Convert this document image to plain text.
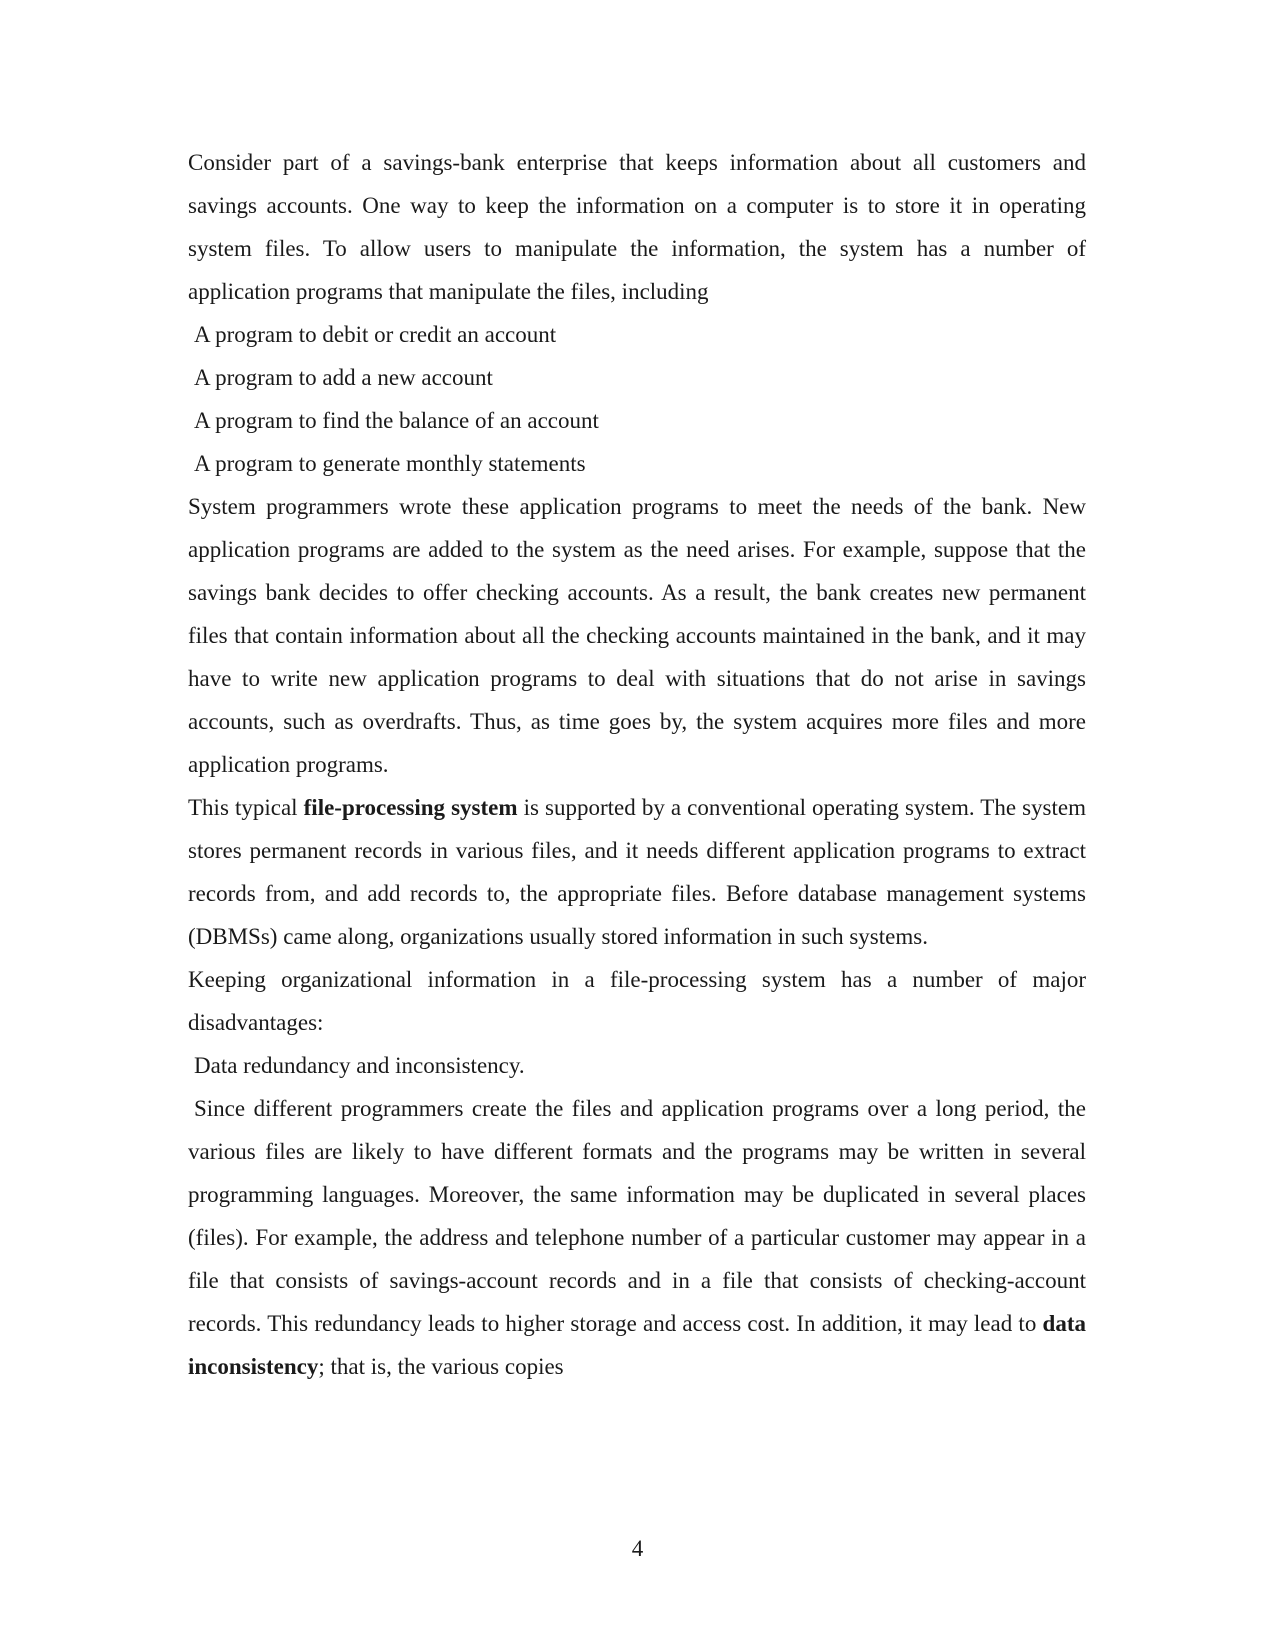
Consider part of a savings-bank enterprise that keeps information about all customers and savings accounts. One way to keep the information on a computer is to store it in operating system files. To allow users to manipulate the information, the system has a number of application programs that manipulate the files, including

A program to debit or credit an account

A program to add a new account

A program to find the balance of an account

A program to generate monthly statements

System programmers wrote these application programs to meet the needs of the bank. New application programs are added to the system as the need arises. For example, suppose that the savings bank decides to offer checking accounts. As a result, the bank creates new permanent files that contain information about all the checking accounts maintained in the bank, and it may have to write new application programs to deal with situations that do not arise in savings accounts, such as overdrafts. Thus, as time goes by, the system acquires more files and more application programs.

This typical file-processing system is supported by a conventional operating system. The system stores permanent records in various files, and it needs different application programs to extract records from, and add records to, the appropriate files. Before database management systems (DBMSs) came along, organizations usually stored information in such systems.

Keeping organizational information in a file-processing system has a number of major disadvantages:

Data redundancy and inconsistency.

Since different programmers create the files and application programs over a long period, the various files are likely to have different formats and the programs may be written in several programming languages. Moreover, the same information may be duplicated in several places (files). For example, the address and telephone number of a particular customer may appear in a file that consists of savings-account records and in a file that consists of checking-account records. This redundancy leads to higher storage and access cost. In addition, it may lead to data inconsistency; that is, the various copies

4
